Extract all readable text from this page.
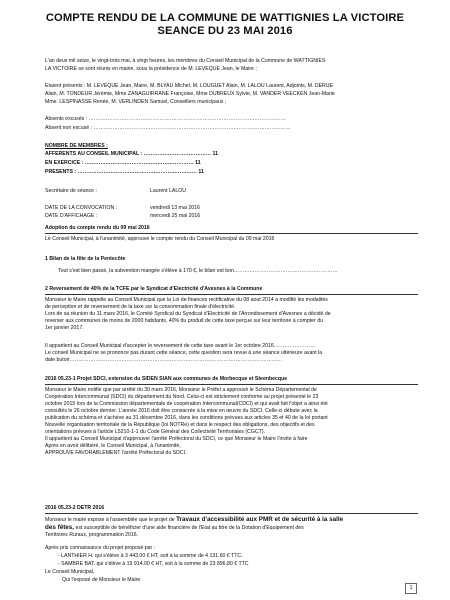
COMPTE RENDU DE LA COMMUNE DE WATTIGNIES LA VICTOIRE
SEANCE DU 23 MAI 2016
L'an deux mil seize, le vingt-trois mai, à vingt heures, les membres du Conseil Municipal de la Commune de WATTIGNIES
LA VICTOIRE se sont réunis en mairie, sous la présidence de M. LEVEQUE Jean, le Maire ;
Etaient présents : M. LEVEQUE Jean, Maire, M. BLYAU Michel, M. LOUGUET Alain, M. LALOU Laurent, Adjoints, M. DERUE
Alain, M. TONDEUR Jérémie, Mme ZANAGUIRRANE Françoise, Mme DUBREUX Sylvie, M. VANDER VEECKEN Jean-Marie
Mme. LESPINASSE Renée, M. VERLINDEN Samuel, Conseillers municipaux ;
Absents excusés : ……………………………………………………………………………………………………
Absent non excusé : ……………………………………………………………………………………………………
NOMBRE DE MEMBRES :
AFFERENTS AU CONSEIL MUNICIPAL : ………………………………… 11
EN EXERCICE : ……………………………………………………… 11
PRESENTS : …………………………………………………………… 11
Secrétaire de séance :	Laurent LALOU
DATE DE LA CONVOCATION :	vendredi 13 mai 2016
DATE D'AFFICHAGE :	mercredi 25 mai 2016
Adoption du compte rendu du 09 mai 2016
Le Conseil Municipal, à l'unanimité, approuve le compte rendu du Conseil Municipal du 09 mai 2016
1 Bilan de la fête de la Pentecôte
Tout s'est bien passé, la subvention mangée s'élève à 170 €, le bilan est bon……………………………………………………
2 Reversement de 40% de la TCFE par le Syndicat d'Electricité d'Avesnes à la Commune
Monsieur le Maire rappelle au Conseil Municipal que la Loi de finances rectificative du 08 aout 2014 a modifié les modalités
de perception et de reversement de la taxe sur la consommation finale d'électricité.
Lors de sa réunion du 11 mars 2016, le Comité Syndical du Syndicat d'Electricité de l'Arrondissement d'Avesnes a décidé de
reverser aux communes de moins de 2000 habitants, 40% du produit de cette taxe perçue sur leur territoire à compter du
1er janvier 2017.
Il appartient au Conseil Municipal d'accepter le reversement de cette taxe avant le 1er octobre 2016……………………
Le conseil Municipal ne se prononce pas durant cette séance, cette question sera revue à une séance ultérieure avant la
date butoir……………………………………………………………………………………………………………
2016 05.23-1 Projet SDCI, extension du SIDEN SIAN aux communes de Morbecque et Steenbecque
Monsieur le Maire notifie que par arrêté du 30 mars 2016, Monsieur le Préfet a approuvé le Schéma Départemental de
Coopération Intercommunal (SDCI) du département du Nord. Celui-ci est strictement conforme au projet présenté le 23
octobre 2015 lors de la Commission départementale de coopération Intercommunal(CDCI) et qui avait fait l'objet a ainsi été
consultés le 26 octobre dernier. L'année 2016 doit être consacrée à la mise en œuvre du SDCI. Celle-ci débute avec la
publication du schéma et s'achève au 31 décembre 2016, dans les conditions prévues aux articles 35 et 40 de la loi portant
Nouvelle organisation territoriale de la République (loi NOTRe) et dans le respect des obligations, des objectifs et des
orientations prévues à l'article L5210-1-1 du Code Général des Collectivité Territoriales (CGCT).
Il appartient au Conseil Municipal d'approuver l'arrêté Préfectoral du SDCI, ce que Monsieur le Maire l'invite à faire
Après en avoir délibéré, le Conseil Municipal, à l'unanimité,
APPROUVE FAVORABLEMENT l'arrêté Préfectoral du SDCI.
2016 05.23-2 DETR 2016
Monsieur le maire expose à l'assemblée que le projet de Travaux d'accessibilité aux PMR et de sécurité à la salle
des fêtes, est susceptible de bénéficier d'une aide financière de l'Etat au titre de la Dotation d'Equipement des
Territoires Ruraux, programmation 2016.
Après pris connaissance du projet proposé par :
- LANTHIER H. qui s'élève à 3 443.00 € HT, soit à la somme de 4 131.60 € TTC.
- SAMBRE BAT. qui s'élève à 19 914.00 € HT, soit à la somme de 23 896.80 € TTC
Le Conseil Municipal,
Qui l'exposé de Monsieur le Maire
1
